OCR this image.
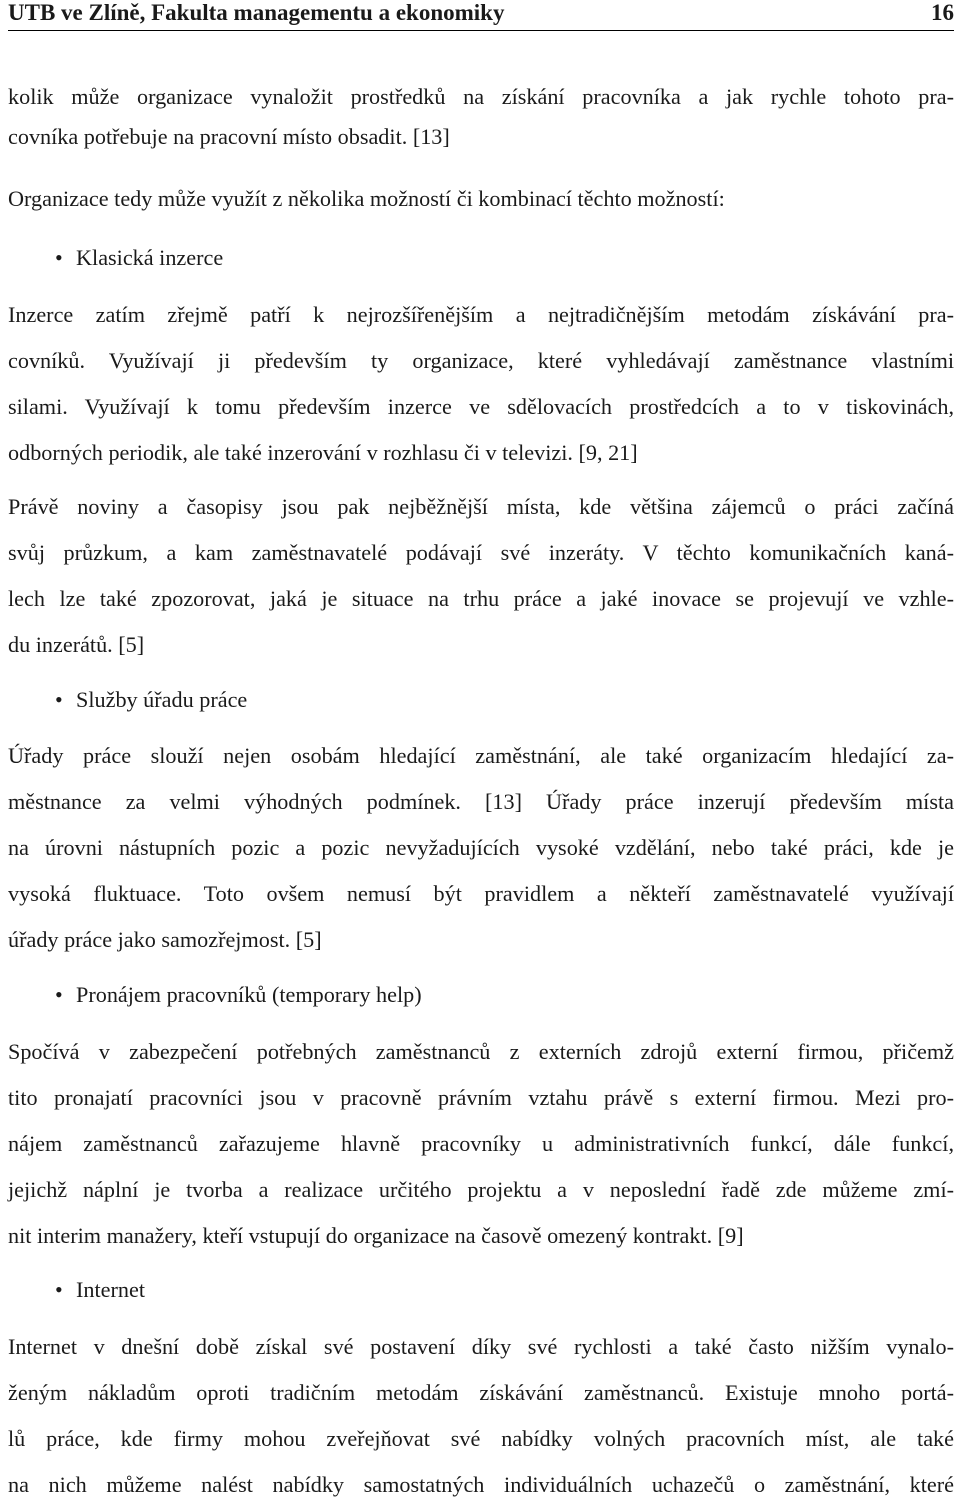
UTB ve Zlíně, Fakulta managementu a ekonomiky	16
kolik může organizace vynaložit prostředků na získání pracovníka a jak rychle tohoto pra-
covníka potřebuje na pracovní místo obsadit. [13]
Organizace tedy může využít z několika možností či kombinací těchto možností:
• Klasická inzerce
Inzerce zatím zřejmě patří k nejrozšířenějším a nejtradičnějším metodám získávání pra-
covníků. Využívají ji především ty organizace, které vyhledávají zaměstnance vlastními
silami. Využívají k tomu především inzerce ve sdělovacích prostředcích a to v tiskovinách,
odborných periodik, ale také inzerování v rozhlasu či v televizi. [9, 21]
Právě noviny a časopisy jsou pak nejběžnější místa, kde většina zájemců o práci začíná
svůj průzkum, a kam zaměstnavatelé podávají své inzeráty. V těchto komunikačních kaná-
lech lze také zpozorovat, jaká je situace na trhu práce a jaké inovace se projevují ve vzhle-
du inzerátů. [5]
• Služby úřadu práce
Úřady práce slouží nejen osobám hledající zaměstnání, ale také organizacím hledající za-
městnance za velmi výhodných podmínek. [13] Úřady práce inzerují především místa
na úrovni nástupních pozic a pozic nevyžadujících vysoké vzdělání, nebo také práci, kde je
vysoká fluktuace. Toto ovšem nemusí být pravidlem a někteří zaměstnavatelé využívají
úřady práce jako samozřejmost. [5]
• Pronájem pracovníků (temporary help)
Spočívá v zabezpečení potřebných zaměstnanců z externích zdrojů externí firmou, přičemž
tito pronajatí pracovníci jsou v pracovně právním vztahu právě s externí firmou. Mezi pro-
nájem zaměstnanců zařazujeme hlavně pracovníky u administrativních funkcí, dále funkcí,
jejichž náplní je tvorba a realizace určitého projektu a v neposlední řadě zde můžeme zmí-
nit interim manažery, kteří vstupují do organizace na časově omezený kontrakt. [9]
• Internet
Internet v dnešní době získal své postavení díky své rychlosti a také často nižším vynalo-
ženým nákladům oproti tradičním metodám získávání zaměstnanců. Existuje mnoho portá-
lů práce, kde firmy mohou zveřejňovat své nabídky volných pracovních míst, ale také
na nich můžeme nalést nabídky samostatných individuálních uchazečů o zaměstnání, které
